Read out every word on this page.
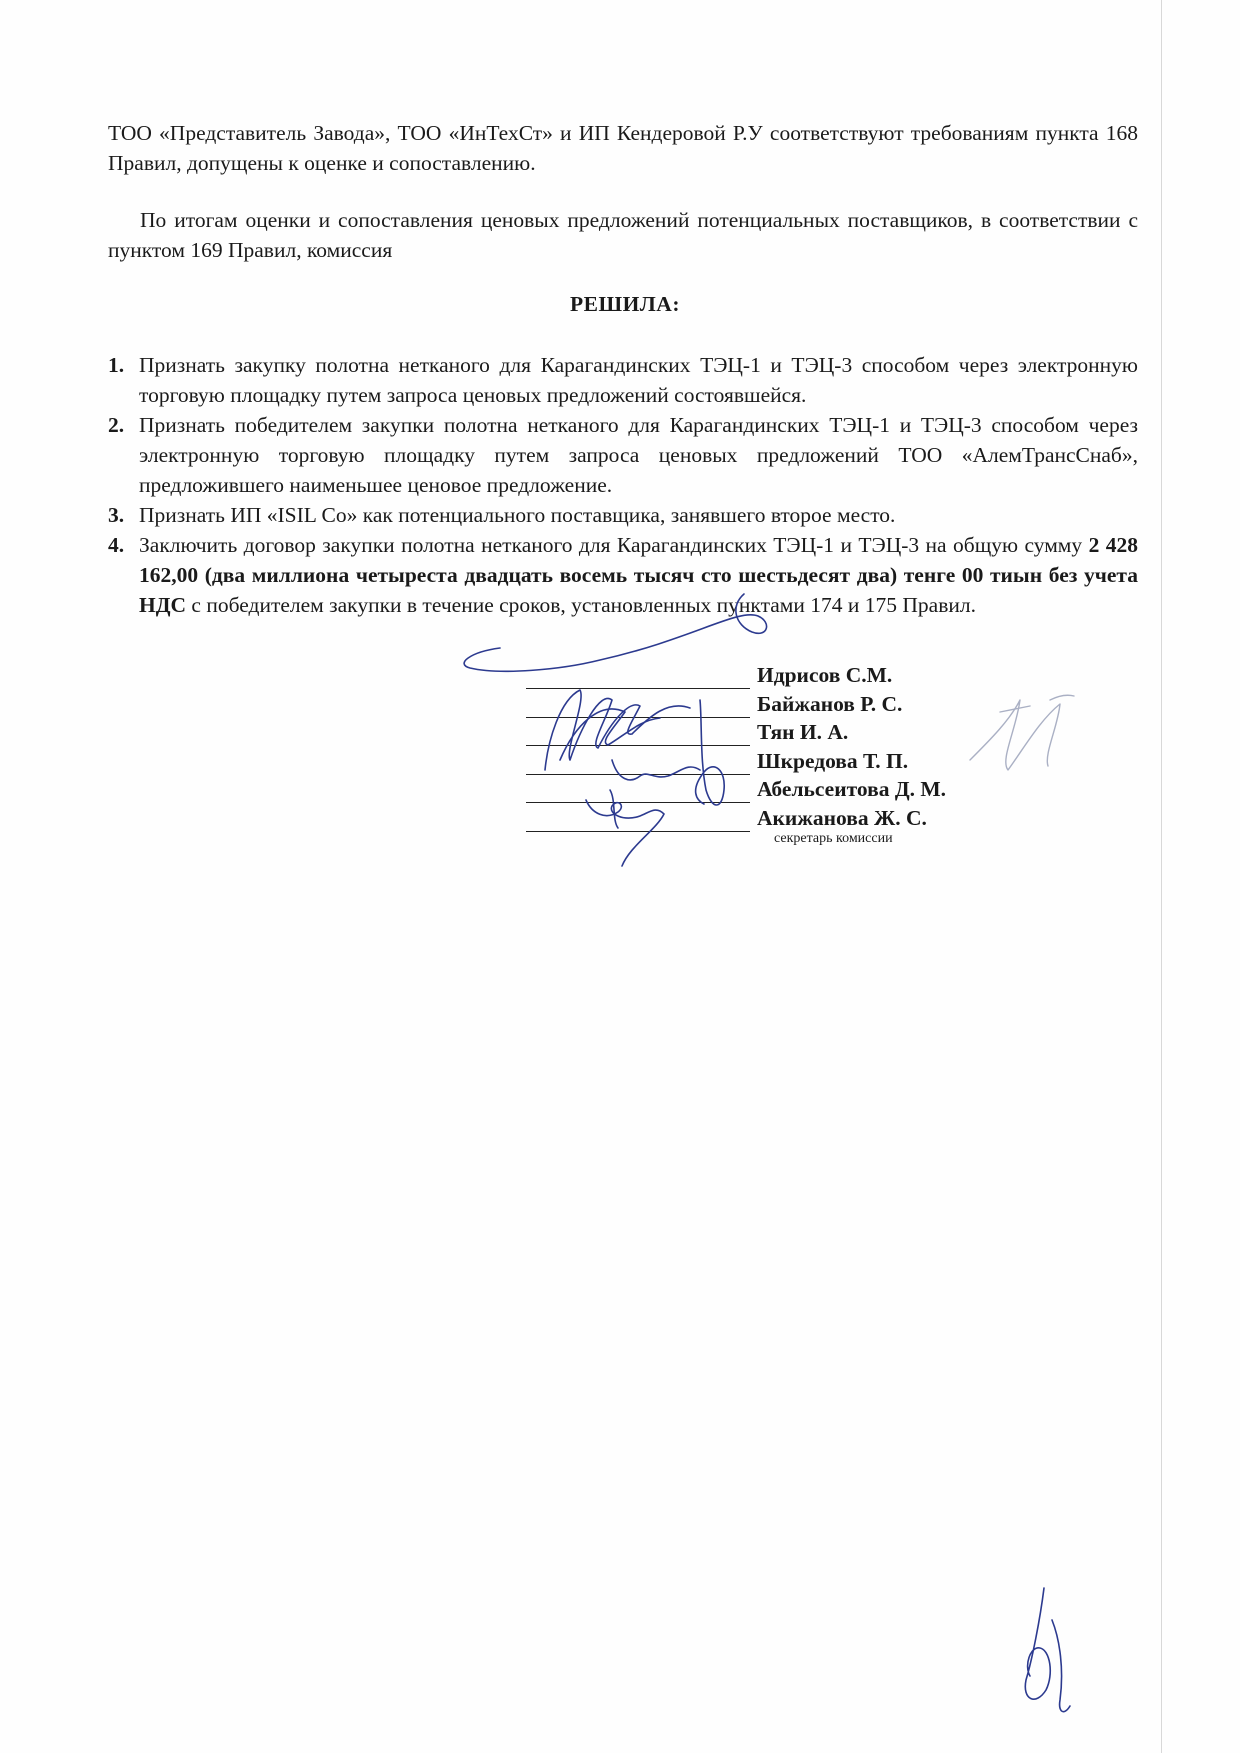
ТОО «Представитель Завода», ТОО «ИнТехСт» и ИП Кендеровой Р.У соответствуют требованиям пункта 168 Правил, допущены к оценке и сопоставлению.

По итогам оценки и сопоставления ценовых предложений потенциальных поставщиков, в соответствии с пунктом 169 Правил, комиссия

РЕШИЛА:
1. Признать закупку полотна нетканого для Карагандинских ТЭЦ-1 и ТЭЦ-3 способом через электронную торговую площадку путем запроса ценовых предложений состоявшейся.
2. Признать победителем закупки полотна нетканого для Карагандинских ТЭЦ-1 и ТЭЦ-3 способом через электронную торговую площадку путем запроса ценовых предложений ТОО «АлемТрансСнаб», предложившего наименьшее ценовое предложение.
3. Признать ИП «ISIL Co» как потенциального поставщика, занявшего второе место.
4. Заключить договор закупки полотна нетканого для Карагандинских ТЭЦ-1 и ТЭЦ-3 на общую сумму 2 428 162,00 (два миллиона четыреста двадцать восемь тысяч сто шестьдесят два) тенге 00 тиын без учета НДС с победителем закупки в течение сроков, установленных пунктами 174 и 175 Правил.
Идрисов С.М.
Байжанов Р. С.
Тян И. А.
Шкредова Т. П.
Абельсеитова Д. М.
Акижанова Ж. С.
секретарь комиссии
